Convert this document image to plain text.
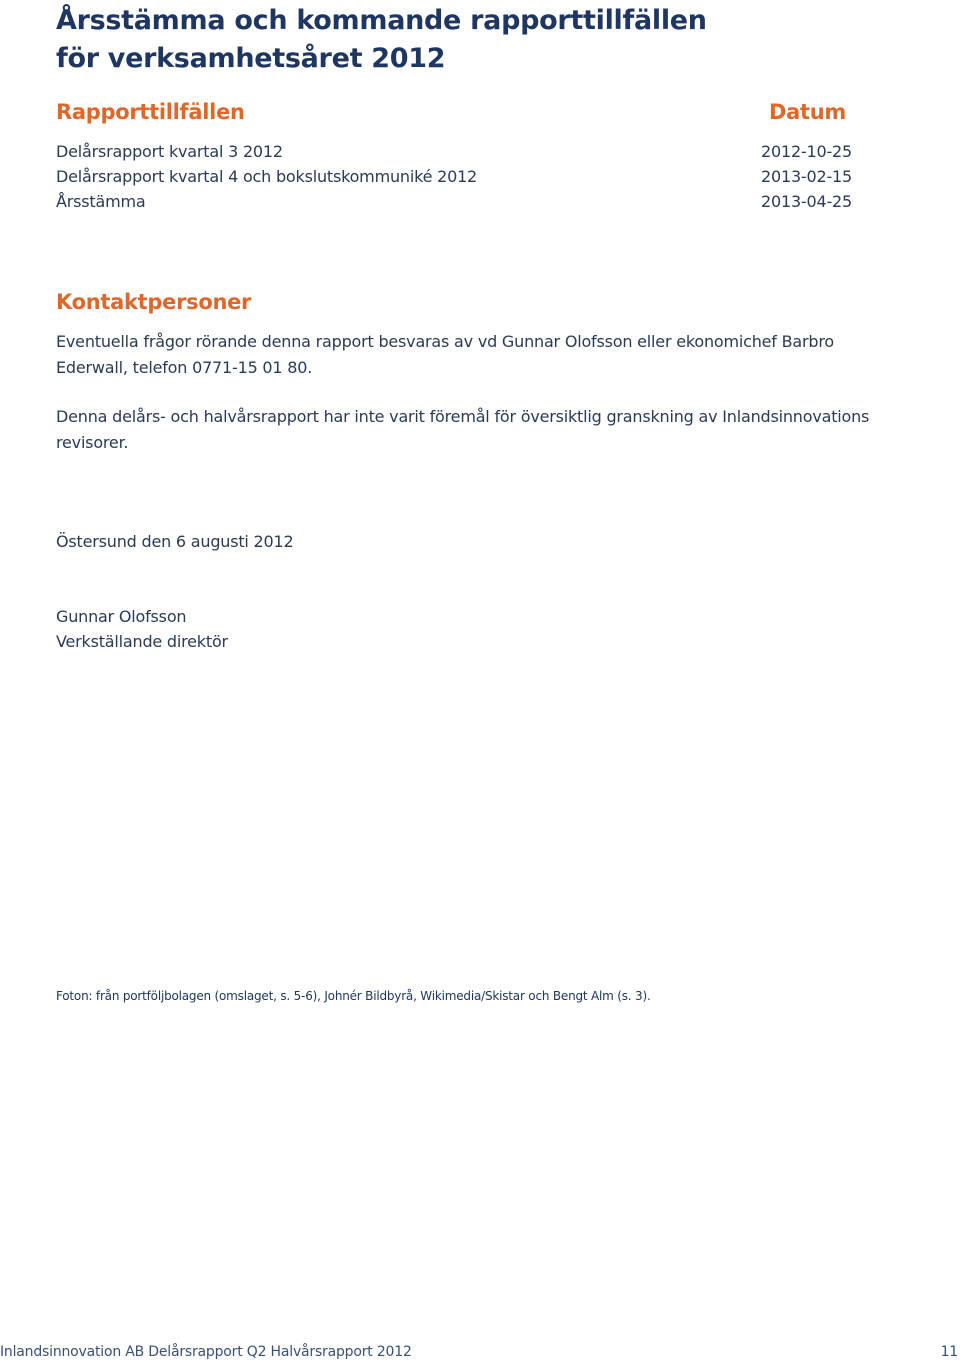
Årsstämma och kommande rapporttillfällen
för verksamhetsåret 2012
Rapporttillfällen	Datum
Delårsrapport kvartal 3 2012	2012-10-25
Delårsrapport kvartal 4 och bokslutskommuniké 2012	2013-02-15
Årsstämma	2013-04-25
Kontaktpersoner

Eventuella frågor rörande denna rapport besvaras av vd Gunnar Olofsson eller ekonomichef Barbro
Ederwall, telefon 0771-15 01 80.

Denna delårs- och halvårsrapport har inte varit föremål för översiktlig granskning av Inlandsinnovations
revisorer.

Östersund den 6 augusti 2012

Gunnar Olofsson

Verkställande direktör

Foton: från portföljbolagen (omslaget, s. 5-6), Johnér Bildbyrå, Wikimedia/Skistar och Bengt Alm (s. 3).

Inlandsinnovation AB Delårsrapport Q2 Halvårsrapport 2012	11
